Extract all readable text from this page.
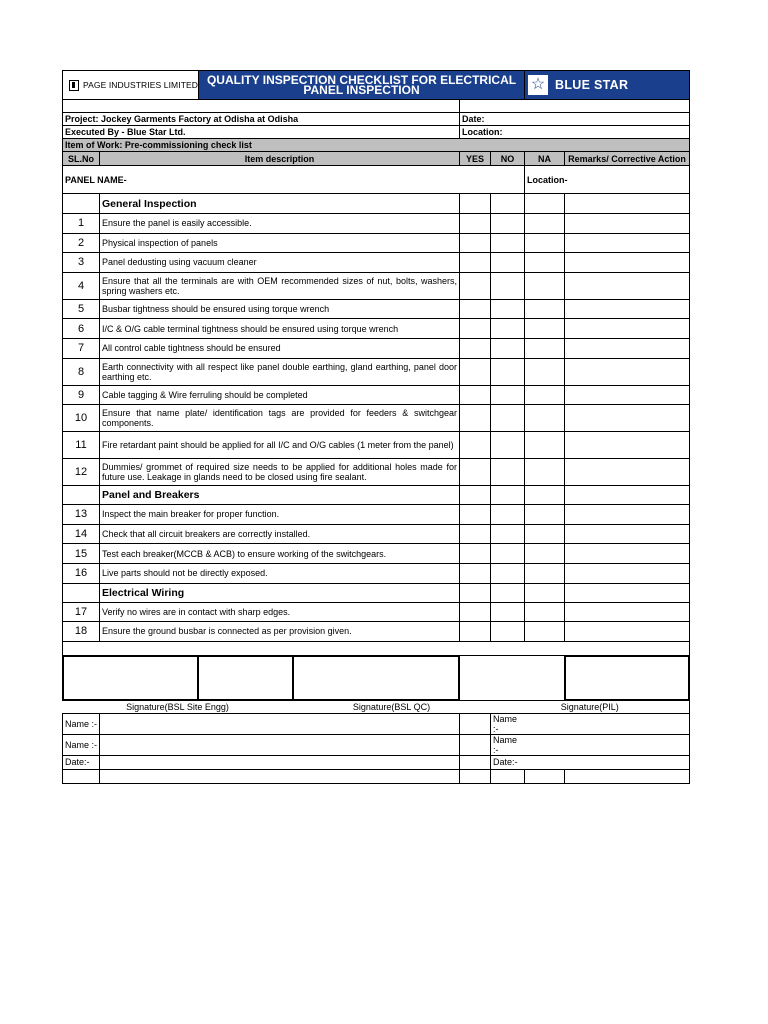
PAGE INDUSTRIES LIMITED		QUALITY INSPECTION CHECKLIST FOR ELECTRICAL PANEL INSPECTION				☆ BLUE STAR	

Project: Jockey Garments Factory at Odisha at Odisha				Date:			
Executed By - Blue Star Ltd.				Location:			
Item of Work: Pre-commissioning check list							
SL.No	Item description			YES	NO	NA	Remarks/ Corrective Action
PANEL NAME-						Location-	
	General Inspection						
1	Ensure the panel is easily accessible.						
2	Physical inspection of panels						
3	Panel dedusting using vacuum cleaner						
4	Ensure that all the terminals are with OEM recommended sizes of nut, bolts, washers, spring washers etc.						
5	Busbar tightness should be ensured using torque wrench						
6	I/C & O/G cable terminal tightness should be ensured using torque wrench						
7	All control cable tightness should be ensured						
8	Earth connectivity with all respect like panel double earthing, gland earthing, panel door earthing etc.						
9	Cable tagging & Wire ferruling should be completed						
10	Ensure that name plate/ identification tags are provided for feeders & switchgear components.						
11	Fire retardant paint should be applied for all I/C and O/G cables (1 meter from the panel)						
12	Dummies/ grommet of required size needs to be applied for additional holes made for future use. Leakage in glands need to be closed using fire sealant.						
	Panel and Breakers						
13	Inspect the main breaker for proper function.						
14	Check that all circuit breakers are correctly installed.						
15	Test each breaker(MCCB & ACB) to ensure working of the switchgears.						
16	Live parts should not be directly exposed.						
	Electrical Wiring						
17	Verify no wires are in contact with sharp edges.						
18	Ensure the ground busbar is connected as per provision given.						

Signature(BSL Site Engg)			Signature(BSL QC)		Signature(PIL)		
Name :-					Name :-		
Name :-					Name :-		
Date:-					Date:-		
